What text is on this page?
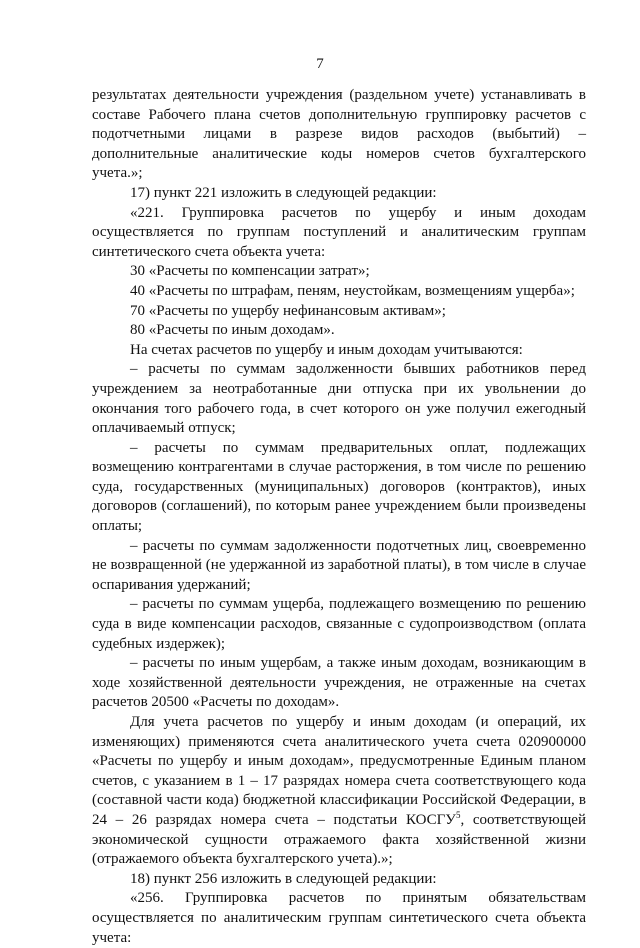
7

результатах деятельности учреждения (раздельном учете) устанавливать в составе Рабочего плана счетов дополнительную группировку расчетов с подотчетными лицами в разрезе видов расходов (выбытий) – дополнительные аналитические коды номеров счетов бухгалтерского учета.»;

17) пункт 221 изложить в следующей редакции:

«221. Группировка расчетов по ущербу и иным доходам осуществляется по группам поступлений и аналитическим группам синтетического счета объекта учета:

30 «Расчеты по компенсации затрат»;

40 «Расчеты по штрафам, пеням, неустойкам, возмещениям ущерба»;

70 «Расчеты по ущербу нефинансовым активам»;

80 «Расчеты по иным доходам».

На счетах расчетов по ущербу и иным доходам учитываются:

– расчеты по суммам задолженности бывших работников перед учреждением за неотработанные дни отпуска при их увольнении до окончания того рабочего года, в счет которого он уже получил ежегодный оплачиваемый отпуск;

– расчеты по суммам предварительных оплат, подлежащих возмещению контрагентами в случае расторжения, в том числе по решению суда, государственных (муниципальных) договоров (контрактов), иных договоров (соглашений), по которым ранее учреждением были произведены оплаты;

– расчеты по суммам задолженности подотчетных лиц, своевременно не возвращенной (не удержанной из заработной платы), в том числе в случае оспаривания удержаний;

– расчеты по суммам ущерба, подлежащего возмещению по решению суда в виде компенсации расходов, связанные с судопроизводством (оплата судебных издержек);

– расчеты по иным ущербам, а также иным доходам, возникающим в ходе хозяйственной деятельности учреждения, не отраженные на счетах расчетов 20500 «Расчеты по доходам».

Для учета расчетов по ущербу и иным доходам (и операций, их изменяющих) применяются счета аналитического учета счета 020900000 «Расчеты по ущербу и иным доходам», предусмотренные Единым планом счетов, с указанием в 1 – 17 разрядах номера счета соответствующего кода (составной части кода) бюджетной классификации Российской Федерации, в 24 – 26 разрядах номера счета – подстатьи КОСГУ$^5$, соответствующей экономической сущности отражаемого факта хозяйственной жизни (отражаемого объекта бухгалтерского учета).»;

18) пункт 256 изложить в следующей редакции:

«256. Группировка расчетов по принятым обязательствам осуществляется по аналитическим группам синтетического счета объекта учета:
